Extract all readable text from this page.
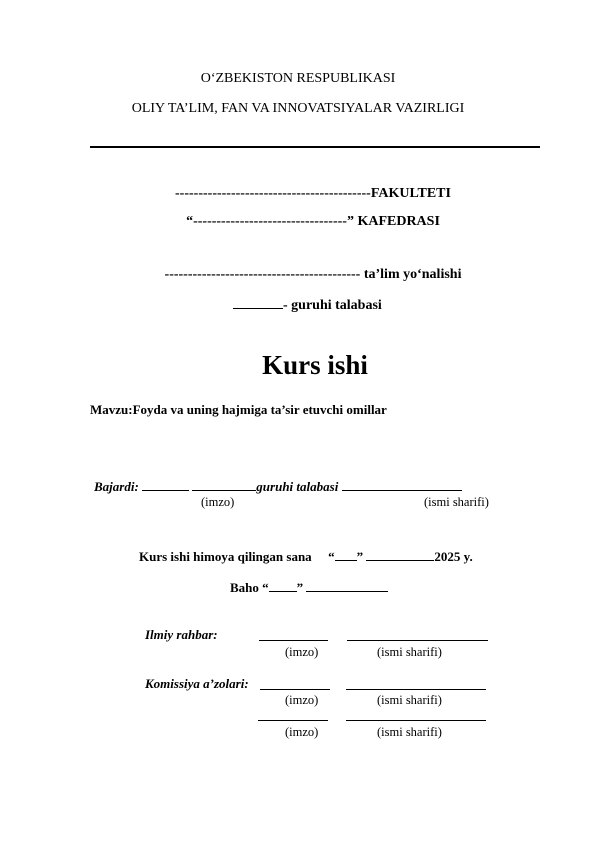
O‘ZBEKISTON RESPUBLIKASI
OLIY TA’LIM, FAN VA INNOVATSIYALAR VAZIRLIGI
------------------------------------------FAKULTETI
“---------------------------------” KAFEDRASI
------------------------------------------ ta’lim yo‘nalishi
- guruhi talabasi
Kurs ishi
Mavzu:Foyda va uning hajmiga ta’sir etuvchi omillar
Bajardi:	guruhi talabasi
(imzo)	(ismi sharifi)
Kurs ishi himoya qilingan sana “ ”	2025 y.
Baho “ ”
Ilmiy rahbar:
(imzo)	(ismi sharifi)
Komissiya a’zolari:
(imzo)	(ismi sharifi)
(imzo)	(ismi sharifi)
